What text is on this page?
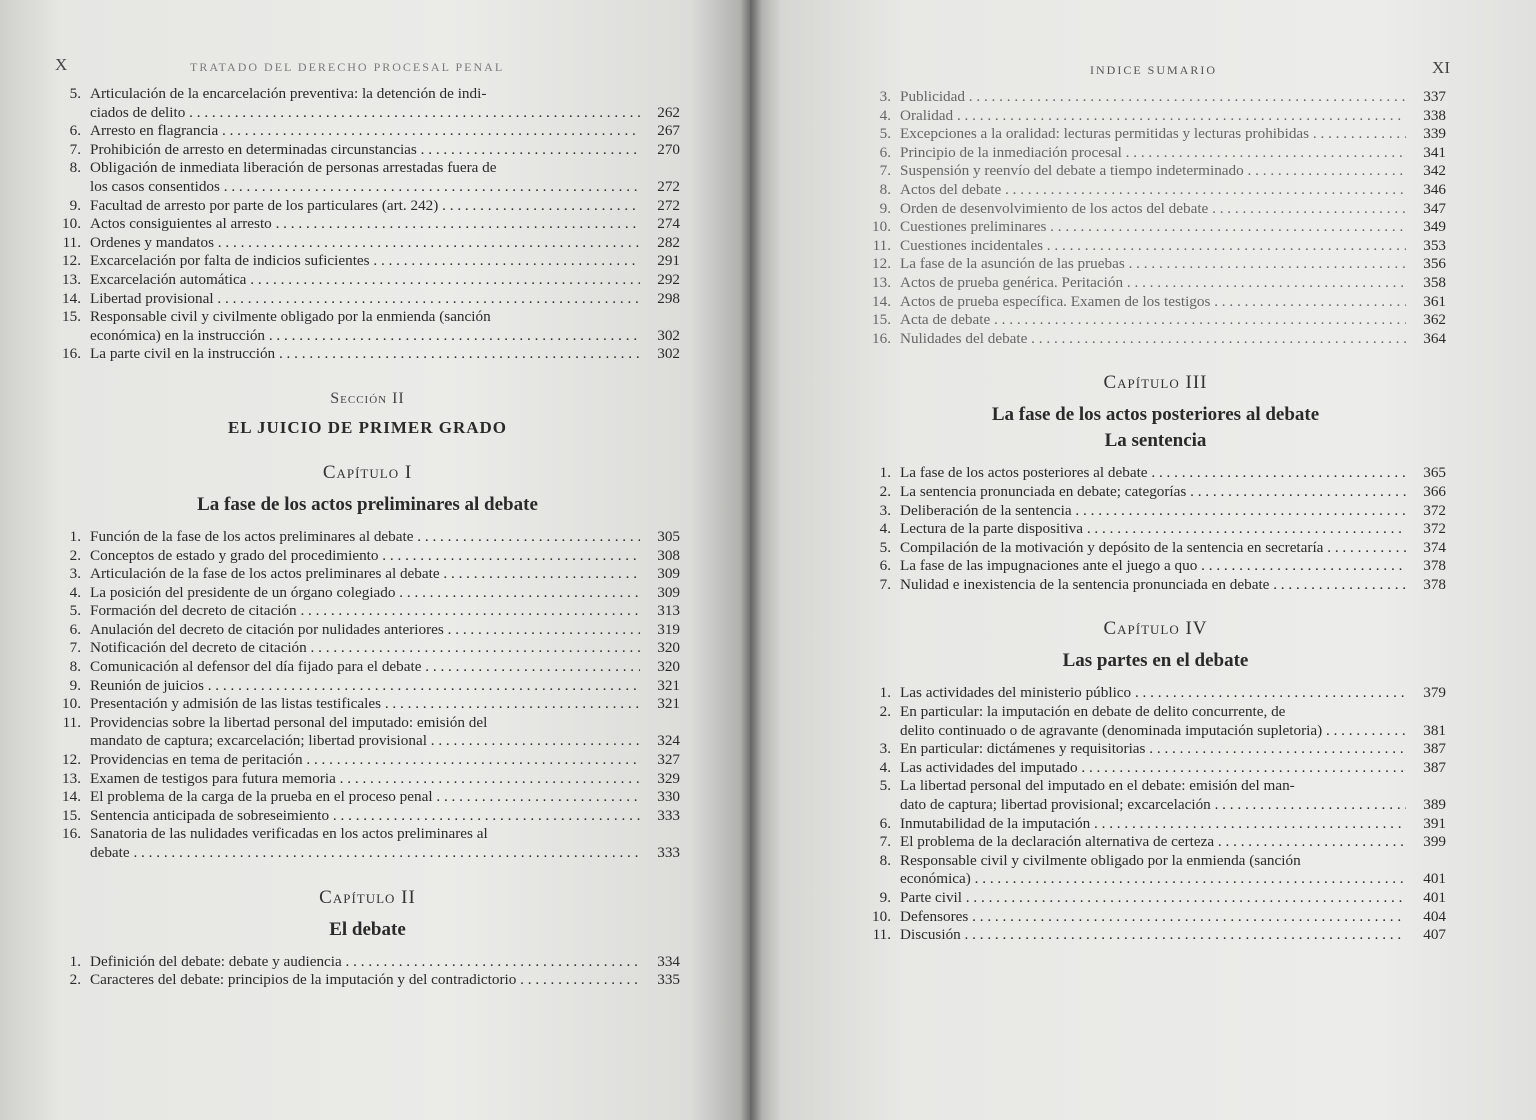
X	TRATADO DEL DERECHO PROCESAL PENAL
5. Articulación de la encarcelación preventiva: la detención de indi-
ciados de delito . . .	262
6. Arresto en flagrancia . . .	267
7. Prohibición de arresto en determinadas circunstancias . . .	270
8. Obligación de inmediata liberación de personas arrestadas fuera de
los casos consentidos . . .	272
9. Facultad de arresto por parte de los particulares (art. 242) . . .	272
10. Actos consiguientes al arresto . . .	274
11. Ordenes y mandatos . . .	282
12. Excarcelación por falta de indicios suficientes . . .	291
13. Excarcelación automática . . .	292
14. Libertad provisional . . .	298
15. Responsable civil y civilmente obligado por la enmienda (sanción
económica) en la instrucción . . .	302
16. La parte civil en la instrucción . . .	302
Sección II
EL JUICIO DE PRIMER GRADO
Capítulo I
La fase de los actos preliminares al debate
1. Función de la fase de los actos preliminares al debate . . .	305
2. Conceptos de estado y grado del procedimiento . . .	308
3. Articulación de la fase de los actos preliminares al debate . . .	309
4. La posición del presidente de un órgano colegiado . . .	309
5. Formación del decreto de citación . . .	313
6. Anulación del decreto de citación por nulidades anteriores . . .	319
7. Notificación del decreto de citación . . .	320
8. Comunicación al defensor del día fijado para el debate . . .	320
9. Reunión de juicios . . .	321
10. Presentación y admisión de las listas testificales . . .	321
11. Providencias sobre la libertad personal del imputado: emisión del
mandato de captura; excarcelación; libertad provisional . . .	324
12. Providencias en tema de peritación . . .	327
13. Examen de testigos para futura memoria . . .	329
14. El problema de la carga de la prueba en el proceso penal . . .	330
15. Sentencia anticipada de sobreseimiento . . .	333
16. Sanatoria de las nulidades verificadas en los actos preliminares al
debate . . .	333
Capítulo II
El debate
1. Definición del debate: debate y audiencia . . .	334
2. Caracteres del debate: principios de la imputación y del contradictorio . . .	335
INDICE SUMARIO	XI
3. Publicidad . . .	337
4. Oralidad . . .	338
5. Excepciones a la oralidad: lecturas permitidas y lecturas prohibidas . . .	339
6. Principio de la inmediación procesal . . .	341
7. Suspensión y reenvío del debate a tiempo indeterminado . . .	342
8. Actos del debate . . .	346
9. Orden de desenvolvimiento de los actos del debate . . .	347
10. Cuestiones preliminares . . .	349
11. Cuestiones incidentales . . .	353
12. La fase de la asunción de las pruebas . . .	356
13. Actos de prueba genérica. Peritación . . .	358
14. Actos de prueba específica. Examen de los testigos . . .	361
15. Acta de debate . . .	362
16. Nulidades del debate . . .	364
Capítulo III
La fase de los actos posteriores al debate
La sentencia
1. La fase de los actos posteriores al debate . . .	365
2. La sentencia pronunciada en debate; categorías . . .	366
3. Deliberación de la sentencia . . .	372
4. Lectura de la parte dispositiva . . .	372
5. Compilación de la motivación y depósito de la sentencia en secretaría . . .	374
6. La fase de las impugnaciones ante el juego a quo . . .	378
7. Nulidad e inexistencia de la sentencia pronunciada en debate . . .	378
Capítulo IV
Las partes en el debate
1. Las actividades del ministerio público . . .	379
2. En particular: la imputación en debate de delito concurrente, de
delito continuado o de agravante (denominada imputación supletoria) . . .	381
3. En particular: dictámenes y requisitorias . . .	387
4. Las actividades del imputado . . .	387
5. La libertad personal del imputado en el debate: emisión del man-
dato de captura; libertad provisional; excarcelación . . .	389
6. Inmutabilidad de la imputación . . .	391
7. El problema de la declaración alternativa de certeza . . .	399
8. Responsable civil y civilmente obligado por la enmienda (sanción
económica) . . .	401
9. Parte civil . . .	401
10. Defensores . . .	404
11. Discusión . . .	407
